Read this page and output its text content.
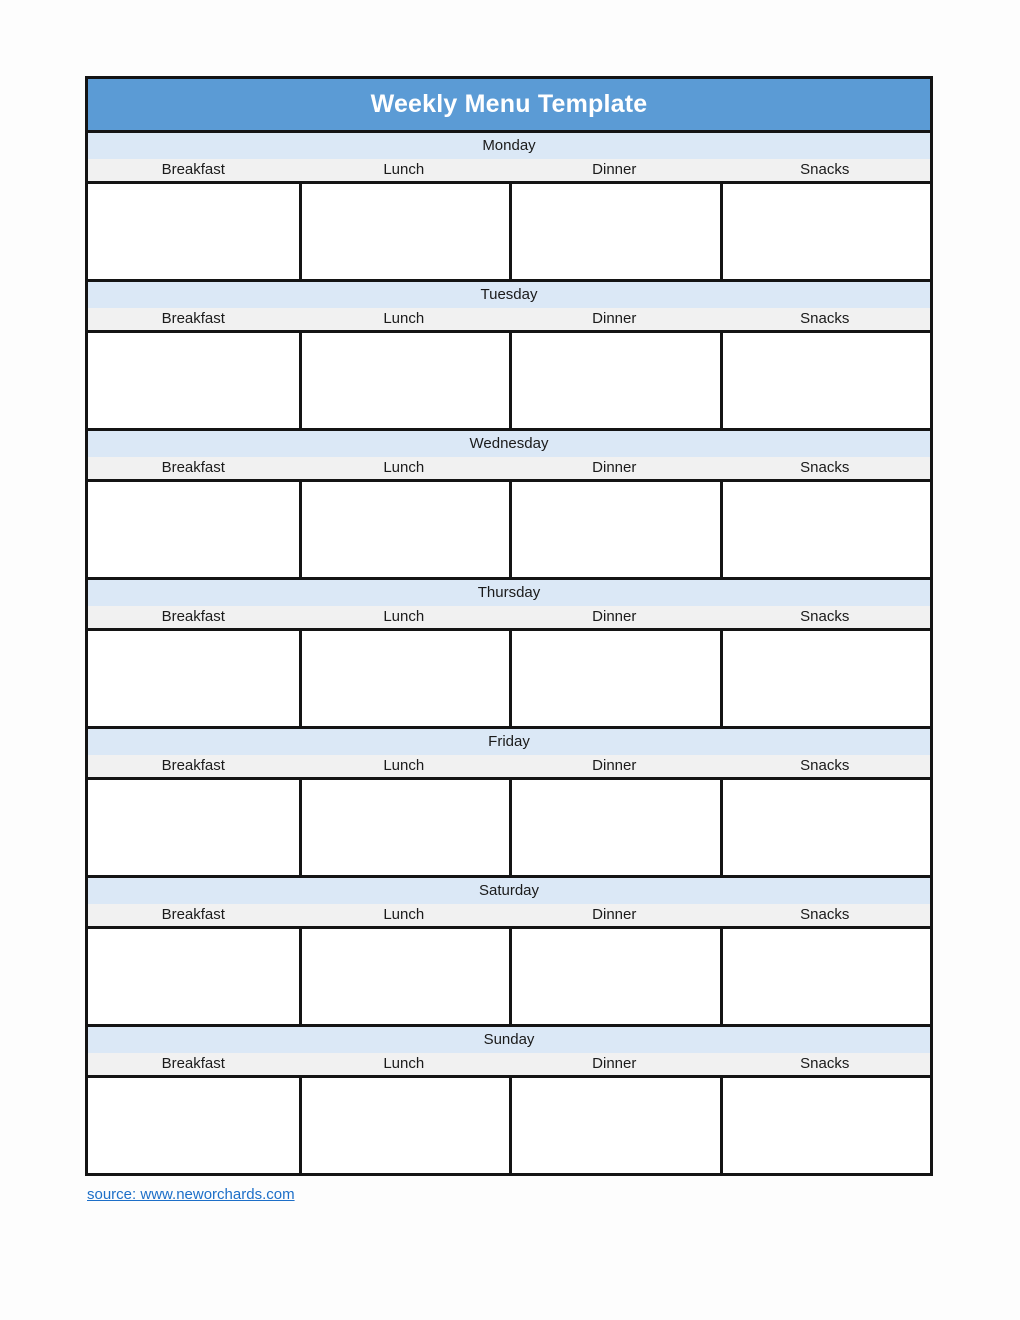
Weekly Menu Template
Monday
Breakfast	Lunch	Dinner	Snacks
Tuesday
Breakfast	Lunch	Dinner	Snacks
Wednesday
Breakfast	Lunch	Dinner	Snacks
Thursday
Breakfast	Lunch	Dinner	Snacks
Friday
Breakfast	Lunch	Dinner	Snacks
Saturday
Breakfast	Lunch	Dinner	Snacks
Sunday
Breakfast	Lunch	Dinner	Snacks
source: www.neworchards.com
